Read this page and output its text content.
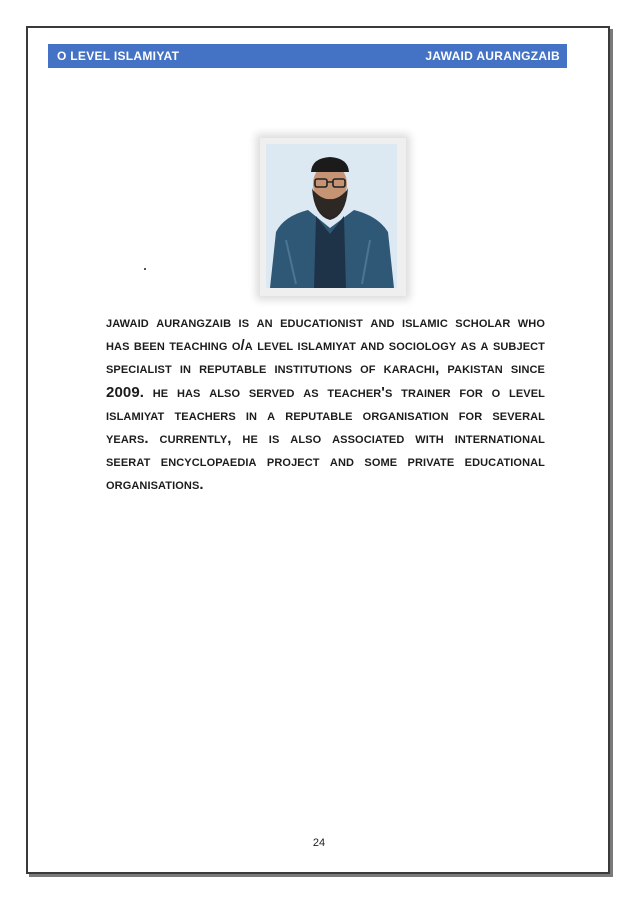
O LEVEL ISLAMIYAT	JAWAID AURANGZAIB

jawaid aurangzaib is an educationist and islamic scholar who has been teaching o/a level islamiyat and sociology as a subject specialist in reputable institutions of karachi, pakistan since 2009. he has also served as teacher's trainer for o level islamiyat teachers in a reputable organisation for several years. currently, he is also associated with international seerat encyclopaedia project and some private educational organisations.

24
